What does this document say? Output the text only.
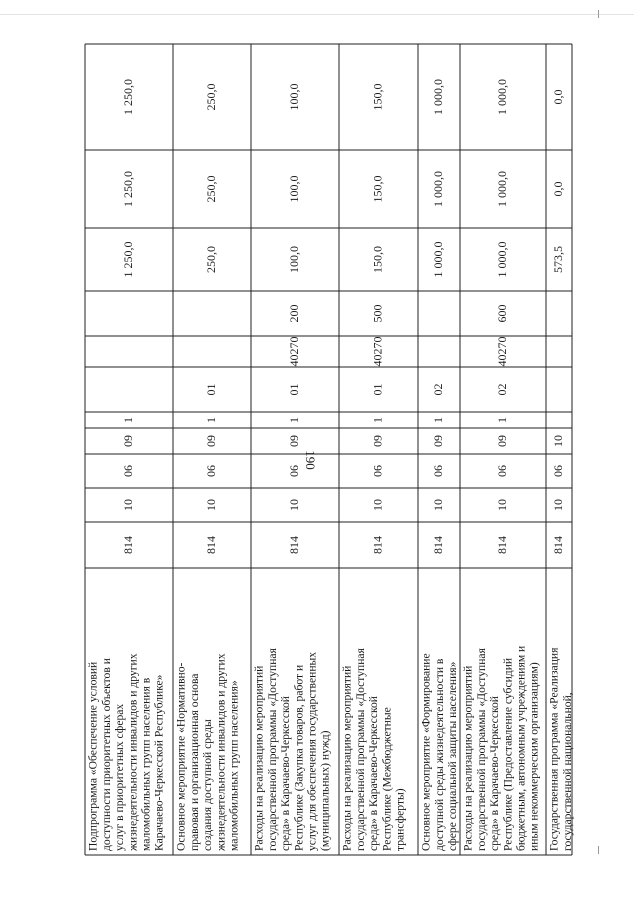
190
814
10
06
09
1
1 250,0
1 250,0
1 250,0
Подпрограмма «Обеспечение условий доступности приоритетных объектов и услуг в приоритетных сферах жизнедеятельности инвалидов и других маломобильных групп населения в Карачаево-Черкесской Республике»
814
10
06
09
1
01
250,0
250,0
250,0
Основное мероприятие «Нормативно- правовая и организационная основа создания доступной среды жизнедеятельности инвалидов и других маломобильных групп населения»
814
10
06
09
1
01
40270
200
100,0
100,0
100,0
Расходы на реализацию мероприятий государственной программы «Доступная среда» в Карачаево-Черкесской Республике (Закупка товаров, работ и услуг для обеспечения государственных (муниципальных) нужд)
814
10
06
09
1
01
40270
500
150,0
150,0
150,0
Расходы на реализацию мероприятий государственной программы «Доступная среда» в Карачаево-Черкесской Республике (Межбюджетные трансферты)
814
10
06
09
1
02
1 000,0
1 000,0
1 000,0
Основное мероприятие «Формирование доступной среды жизнедеятельности в сфере социальной защиты населения»
814
10
06
09
1
02
40270
600
1 000,0
1 000,0
1 000,0
Расходы на реализацию мероприятий государственной программы «Доступная среда» в Карачаево-Черкесской Республике (Предоставление субсидий бюджетным, автономным учреждениям и иным некоммерческим организациям)
814
10
06
10
573,5
0,0
0,0
Государственная программа «Реализация государственной национальной,
